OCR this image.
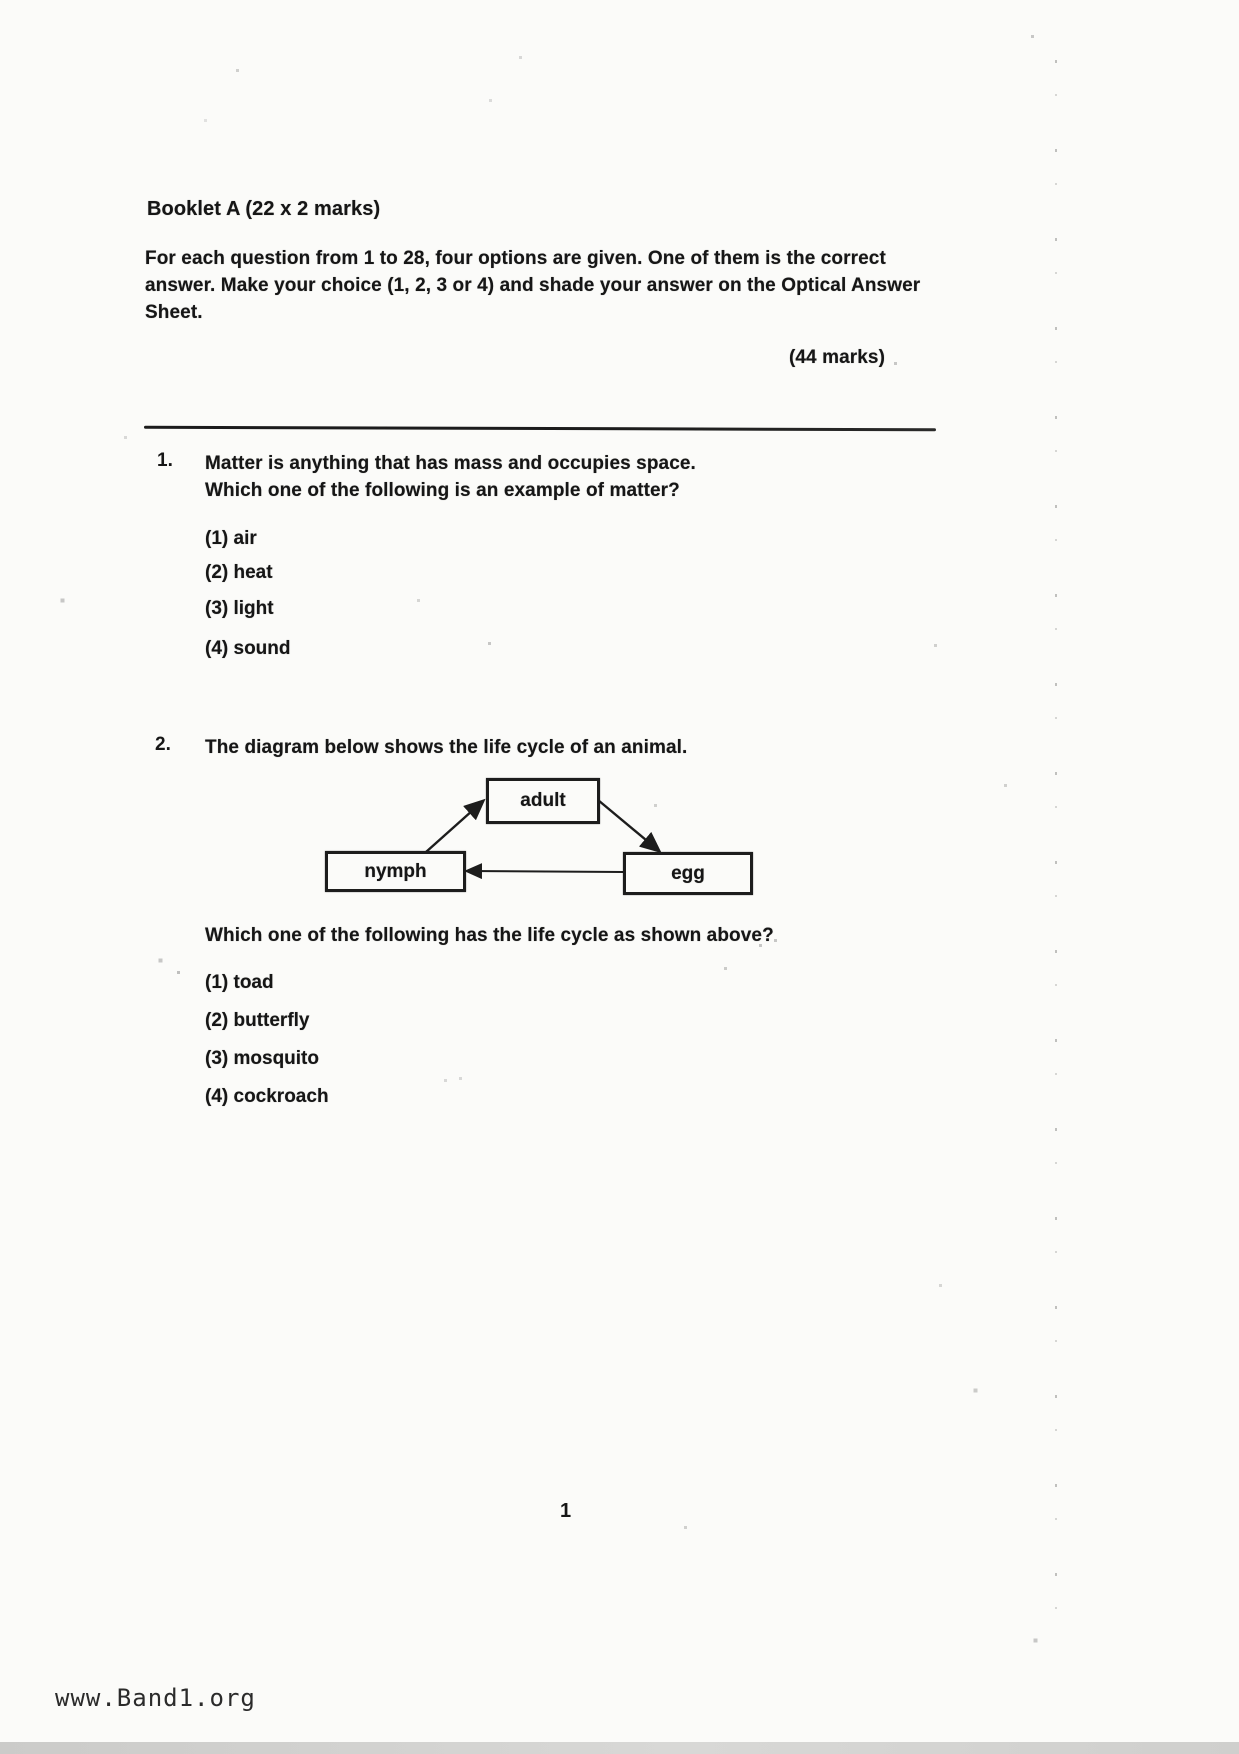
Booklet A (22 x 2 marks)
For each question from 1 to 28, four options are given. One of them is the correct
answer. Make your choice (1, 2, 3 or 4) and shade your answer on the Optical Answer
Sheet.
(44 marks)
1. Matter is anything that has mass and occupies space.
Which one of the following is an example of matter?
(1) air
(2) heat
(3) light
(4) sound
2. The diagram below shows the life cycle of an animal.
adult
nymph	egg
Which one of the following has the life cycle as shown above?
(1) toad
(2) butterfly
(3) mosquito
(4) cockroach
1
www.Band1.org
